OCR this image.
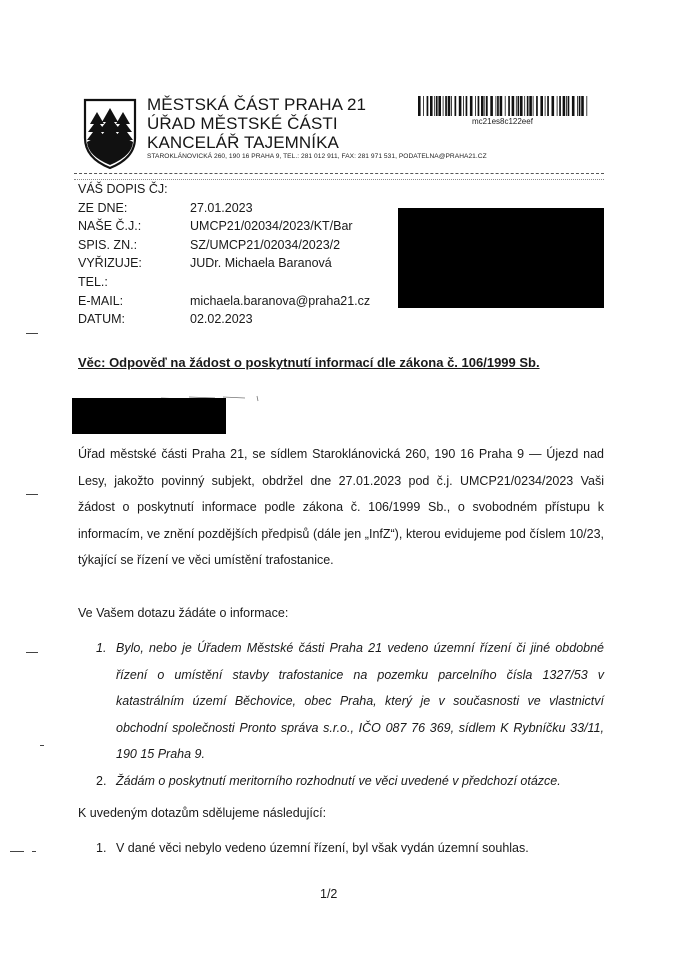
MĚSTSKÁ ČÁST PRAHA 21
ÚŘAD MĚSTSKÉ ČÁSTI
KANCELÁŘ TAJEMNÍKA
STAROKLÁNOVICKÁ 260, 190 16 PRAHA 9, TEL.: 281 012 911, FAX: 281 971 531, PODATELNA@PRAHA21.CZ
mc21es8c122eef
VÁŠ DOPIS ČJ:
ZE DNE:	27.01.2023
NAŠE Č.J.:	UMCP21/02034/2023/KT/Bar
SPIS. ZN.:	SZ/UMCP21/02034/2023/2
VYŘIZUJE:	JUDr. Michaela Baranová
TEL.:
E-MAIL:	michaela.baranova@praha21.cz
DATUM:	02.02.2023
Věc: Odpověď na žádost o poskytnutí informací dle zákona č. 106/1999 Sb.
Úřad městské části Praha 21, se sídlem Staroklánovická 260, 190 16 Praha 9 — Újezd nad Lesy, jakožto povinný subjekt, obdržel dne 27.01.2023 pod č.j. UMCP21/0234/2023 Vaši žádost o poskytnutí informace podle zákona č. 106/1999 Sb., o svobodném přístupu k informacím, ve znění pozdějších předpisů (dále jen „InfZ“), kterou evidujeme pod číslem 10/23, týkající se řízení ve věci umístění trafostanice.
Ve Vašem dotazu žádáte o informace:
1. Bylo, nebo je Úřadem Městské části Praha 21 vedeno územní řízení či jiné obdobné řízení o umístění stavby trafostanice na pozemku parcelního čísla 1327/53 v katastrálním území Běchovice, obec Praha, který je v současnosti ve vlastnictví obchodní společnosti Pronto správa s.r.o., IČO 087 76 369, sídlem K Rybníčku 33/11, 190 15 Praha 9.
2. Žádám o poskytnutí meritorního rozhodnutí ve věci uvedené v předchozí otázce.
K uvedeným dotazům sdělujeme následující:
1. V dané věci nebylo vedeno územní řízení, byl však vydán územní souhlas.
1/2
